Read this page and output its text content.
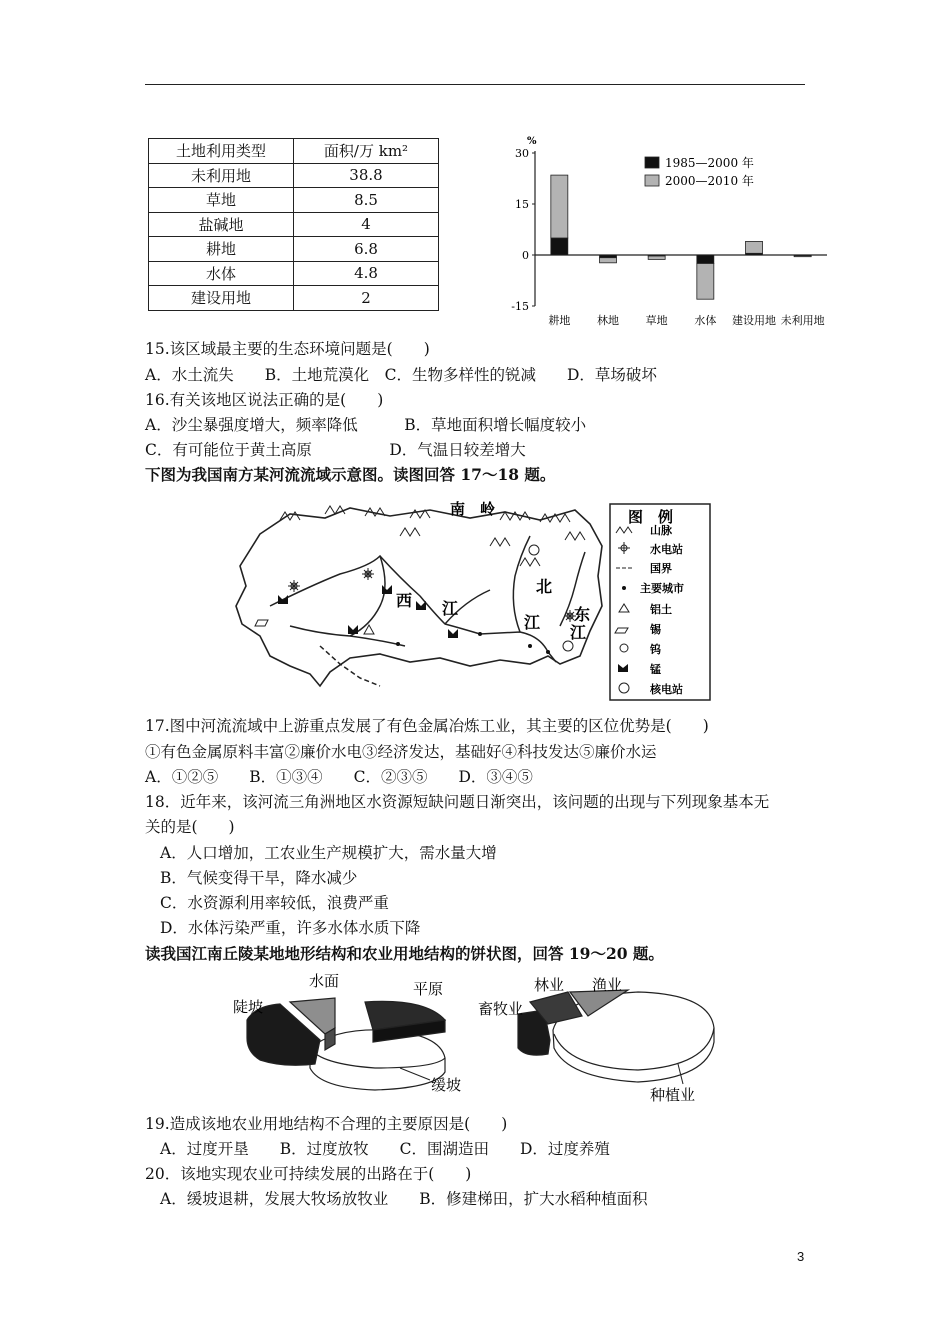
土地利用类型	面积/万 km²
未利用地	38.8
草地	8.5
盐碱地	4
耕地	6.8
水体	4.8
建设用地	2
%
30
15
0
-15
耕地 林地 草地 水体 建设用地 未利用地
1985—2000 年
2000—2010 年
15.该区域最主要的生态环境问题是(　　)
A．水土流失　　B．土地荒漠化　C．生物多样性的锐减　　D．草场破坏
16.有关该地区说法正确的是(　　)
A．沙尘暴强度增大，频率降低　　　B．草地面积增长幅度较小
C．有可能位于黄土高原　　　　　D．气温日较差增大
下图为我国南方某河流流域示意图。读图回答 17～18 题。
南　岭
西 江
北
江 东
江
图　例
山脉
水电站
国界
主要城市
铝土
锡
钨
锰
核电站
17.图中河流流域中上游重点发展了有色金属冶炼工业，其主要的区位优势是(　　)
①有色金属原料丰富②廉价水电③经济发达，基础好④科技发达⑤廉价水运
A．①②⑤　　B．①③④　　C．②③⑤　　D．③④⑤
18．近年来，该河流三角洲地区水资源短缺问题日渐突出，该问题的出现与下列现象基本无
关的是(　　)
A．人口增加，工农业生产规模扩大，需水量大增
B．气候变得干旱，降水减少
C．水资源利用率较低，浪费严重
D．水体污染严重，许多水体水质下降
读我国江南丘陵某地地形结构和农业用地结构的饼状图，回答 19～20 题。
水面	平原
陡坡
缓坡
林业 渔业
畜牧业
种植业
19.造成该地农业用地结构不合理的主要原因是(　　)
A．过度开垦　　B．过度放牧　　C．围湖造田　　D．过度养殖
20．该地实现农业可持续发展的出路在于(　　)
A．缓坡退耕，发展大牧场放牧业　　B．修建梯田，扩大水稻种植面积
3
